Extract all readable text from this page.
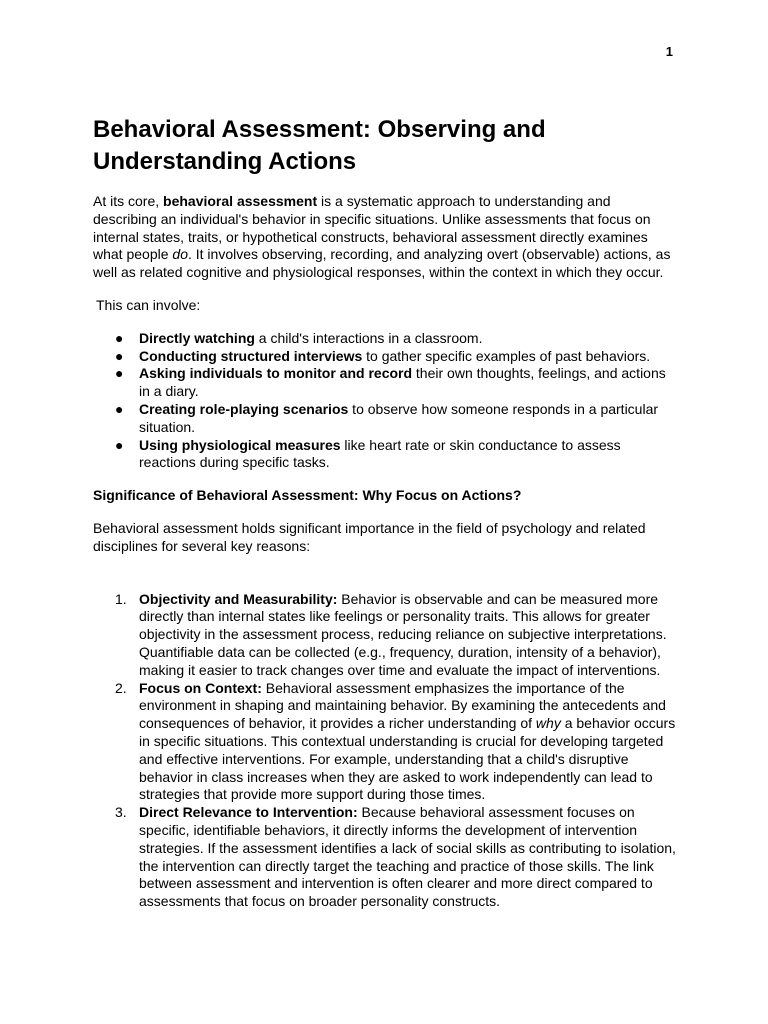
1
Behavioral Assessment: Observing and Understanding Actions

At its core, behavioral assessment is a systematic approach to understanding and describing an individual's behavior in specific situations. Unlike assessments that focus on internal states, traits, or hypothetical constructs, behavioral assessment directly examines what people do. It involves observing, recording, and analyzing overt (observable) actions, as well as related cognitive and physiological responses, within the context in which they occur.

This can involve:

● Directly watching a child's interactions in a classroom.
● Conducting structured interviews to gather specific examples of past behaviors.
● Asking individuals to monitor and record their own thoughts, feelings, and actions in a diary.
● Creating role-playing scenarios to observe how someone responds in a particular situation.
● Using physiological measures like heart rate or skin conductance to assess reactions during specific tasks.

Significance of Behavioral Assessment: Why Focus on Actions?

Behavioral assessment holds significant importance in the field of psychology and related disciplines for several key reasons:

1. Objectivity and Measurability: Behavior is observable and can be measured more directly than internal states like feelings or personality traits. This allows for greater objectivity in the assessment process, reducing reliance on subjective interpretations. Quantifiable data can be collected (e.g., frequency, duration, intensity of a behavior), making it easier to track changes over time and evaluate the impact of interventions.
2. Focus on Context: Behavioral assessment emphasizes the importance of the environment in shaping and maintaining behavior. By examining the antecedents and consequences of behavior, it provides a richer understanding of why a behavior occurs in specific situations. This contextual understanding is crucial for developing targeted and effective interventions. For example, understanding that a child's disruptive behavior in class increases when they are asked to work independently can lead to strategies that provide more support during those times.
3. Direct Relevance to Intervention: Because behavioral assessment focuses on specific, identifiable behaviors, it directly informs the development of intervention strategies. If the assessment identifies a lack of social skills as contributing to isolation, the intervention can directly target the teaching and practice of those skills. The link between assessment and intervention is often clearer and more direct compared to assessments that focus on broader personality constructs.
